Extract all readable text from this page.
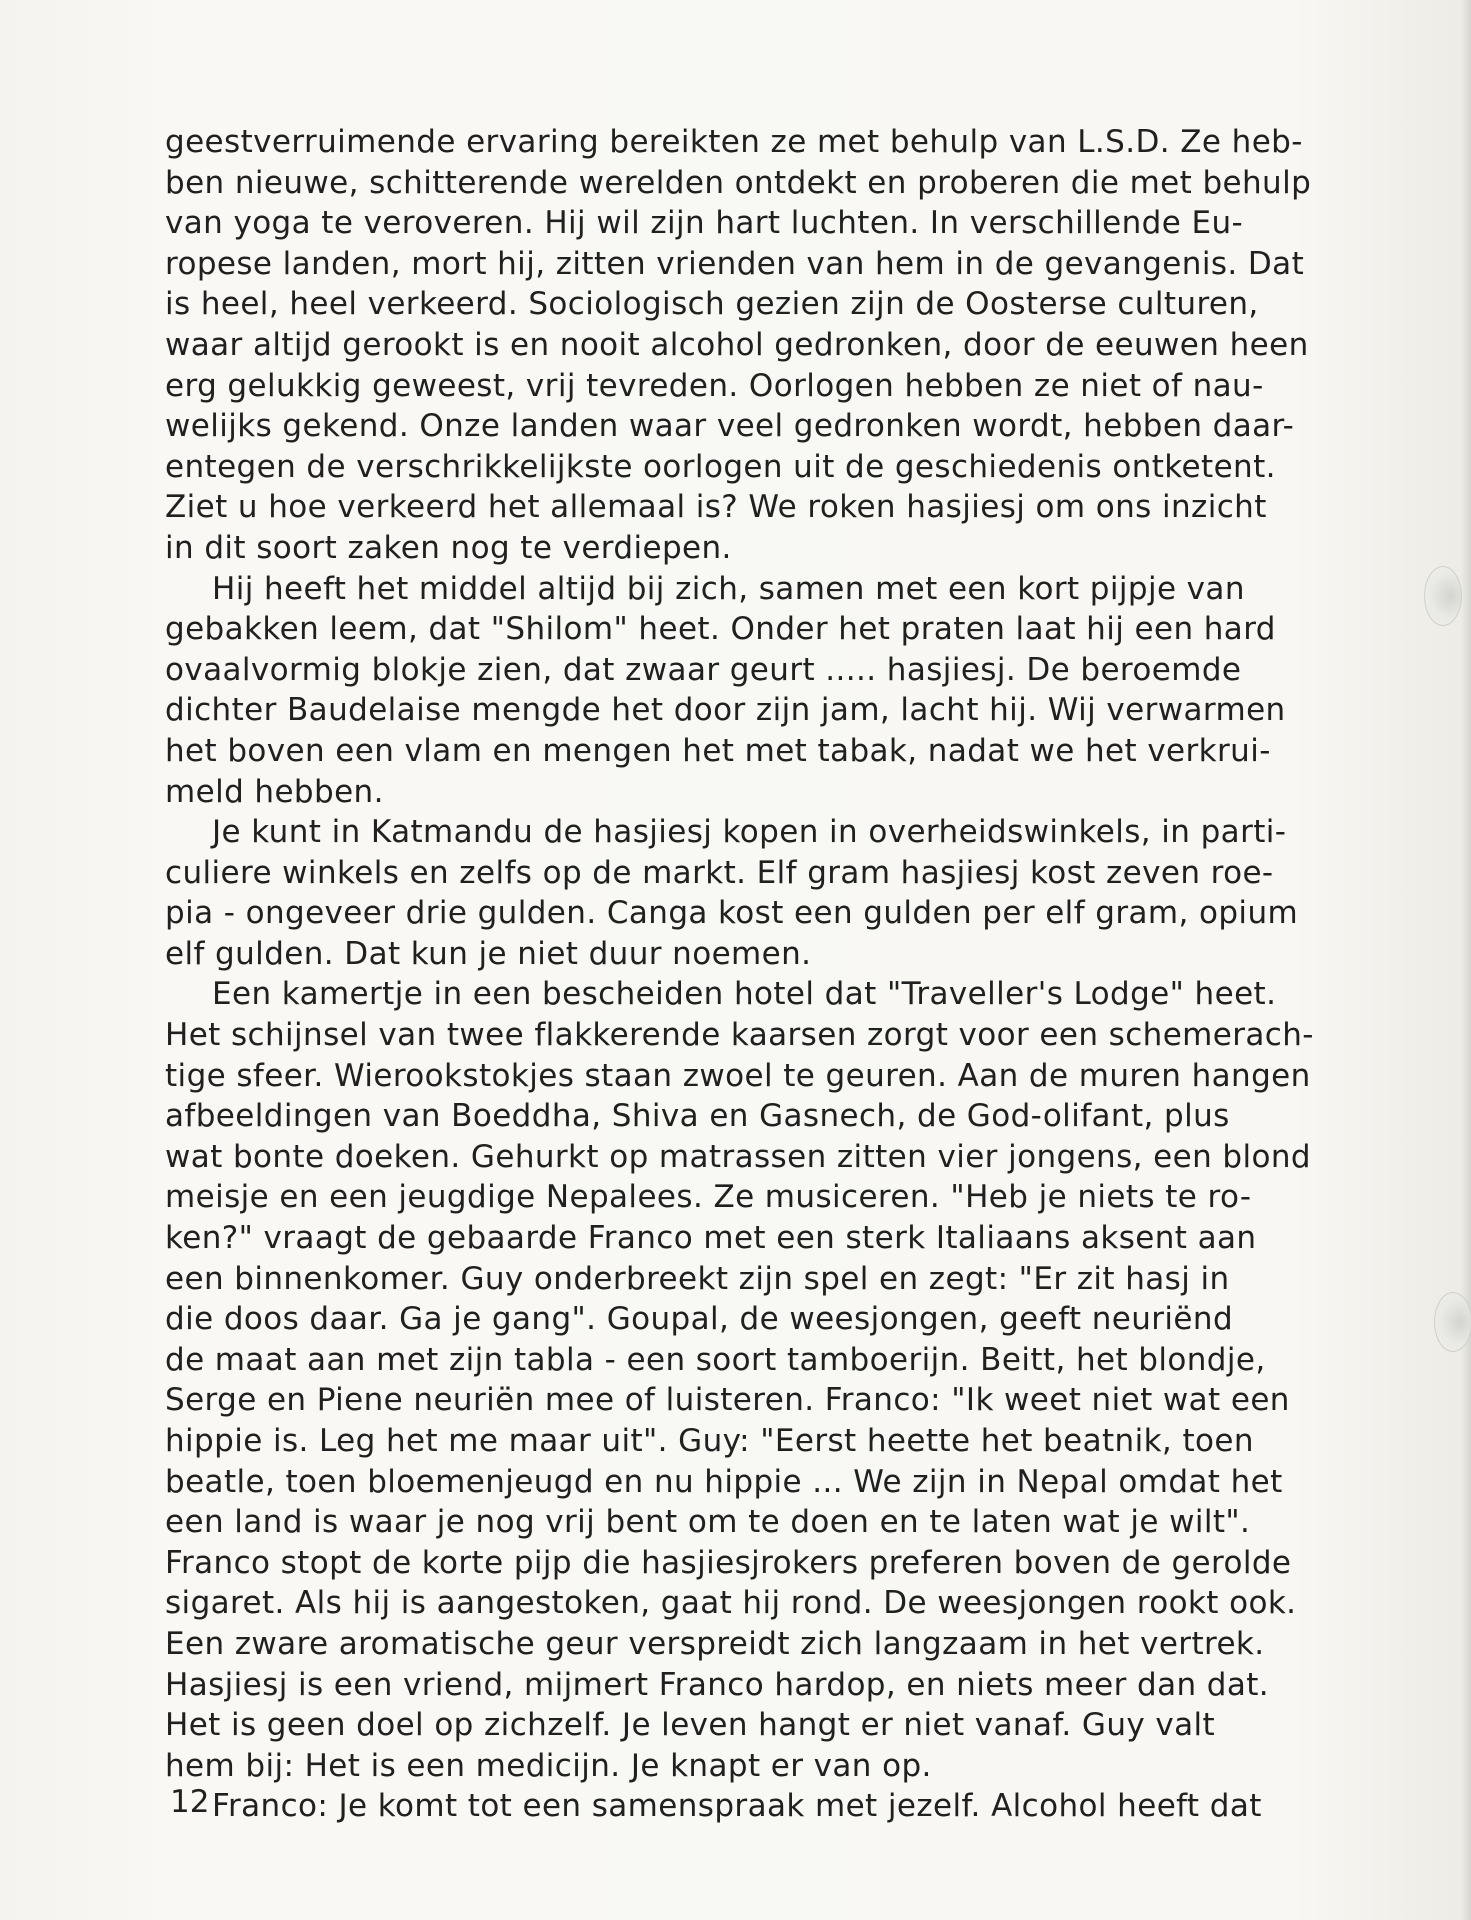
geestverruimende ervaring bereikten ze met behulp van L.S.D. Ze heb-
ben nieuwe, schitterende werelden ontdekt en proberen die met behulp
van yoga te veroveren. Hij wil zijn hart luchten. In verschillende Eu-
ropese landen, mort hij, zitten vrienden van hem in de gevangenis. Dat
is heel, heel verkeerd. Sociologisch gezien zijn de Oosterse culturen,
waar altijd gerookt is en nooit alcohol gedronken, door de eeuwen heen
erg gelukkig geweest, vrij tevreden. Oorlogen hebben ze niet of nau-
welijks gekend. Onze landen waar veel gedronken wordt, hebben daar-
entegen de verschrikkelijkste oorlogen uit de geschiedenis ontketent.
Ziet u hoe verkeerd het allemaal is? We roken hasjiesj om ons inzicht
in dit soort zaken nog te verdiepen.
Hij heeft het middel altijd bij zich, samen met een kort pijpje van
gebakken leem, dat "Shilom" heet. Onder het praten laat hij een hard
ovaalvormig blokje zien, dat zwaar geurt ..... hasjiesj. De beroemde
dichter Baudelaise mengde het door zijn jam, lacht hij. Wij verwarmen
het boven een vlam en mengen het met tabak, nadat we het verkrui-
meld hebben.
Je kunt in Katmandu de hasjiesj kopen in overheidswinkels, in parti-
culiere winkels en zelfs op de markt. Elf gram hasjiesj kost zeven roe-
pia - ongeveer drie gulden. Canga kost een gulden per elf gram, opium
elf gulden. Dat kun je niet duur noemen.
Een kamertje in een bescheiden hotel dat "Traveller's Lodge" heet.
Het schijnsel van twee flakkerende kaarsen zorgt voor een schemerach-
tige sfeer. Wierookstokjes staan zwoel te geuren. Aan de muren hangen
afbeeldingen van Boeddha, Shiva en Gasnech, de God-olifant, plus
wat bonte doeken. Gehurkt op matrassen zitten vier jongens, een blond
meisje en een jeugdige Nepalees. Ze musiceren. "Heb je niets te ro-
ken?" vraagt de gebaarde Franco met een sterk Italiaans aksent aan
een binnenkomer. Guy onderbreekt zijn spel en zegt: "Er zit hasj in
die doos daar. Ga je gang". Goupal, de weesjongen, geeft neuriënd
de maat aan met zijn tabla - een soort tamboerijn. Beitt, het blondje,
Serge en Piene neuriën mee of luisteren. Franco: "Ik weet niet wat een
hippie is. Leg het me maar uit". Guy: "Eerst heette het beatnik, toen
beatle, toen bloemenjeugd en nu hippie ... We zijn in Nepal omdat het
een land is waar je nog vrij bent om te doen en te laten wat je wilt".
Franco stopt de korte pijp die hasjiesjrokers preferen boven de gerolde
sigaret. Als hij is aangestoken, gaat hij rond. De weesjongen rookt ook.
Een zware aromatische geur verspreidt zich langzaam in het vertrek.
Hasjiesj is een vriend, mijmert Franco hardop, en niets meer dan dat.
Het is geen doel op zichzelf. Je leven hangt er niet vanaf. Guy valt
hem bij: Het is een medicijn. Je knapt er van op.
Franco: Je komt tot een samenspraak met jezelf. Alcohol heeft dat
12
